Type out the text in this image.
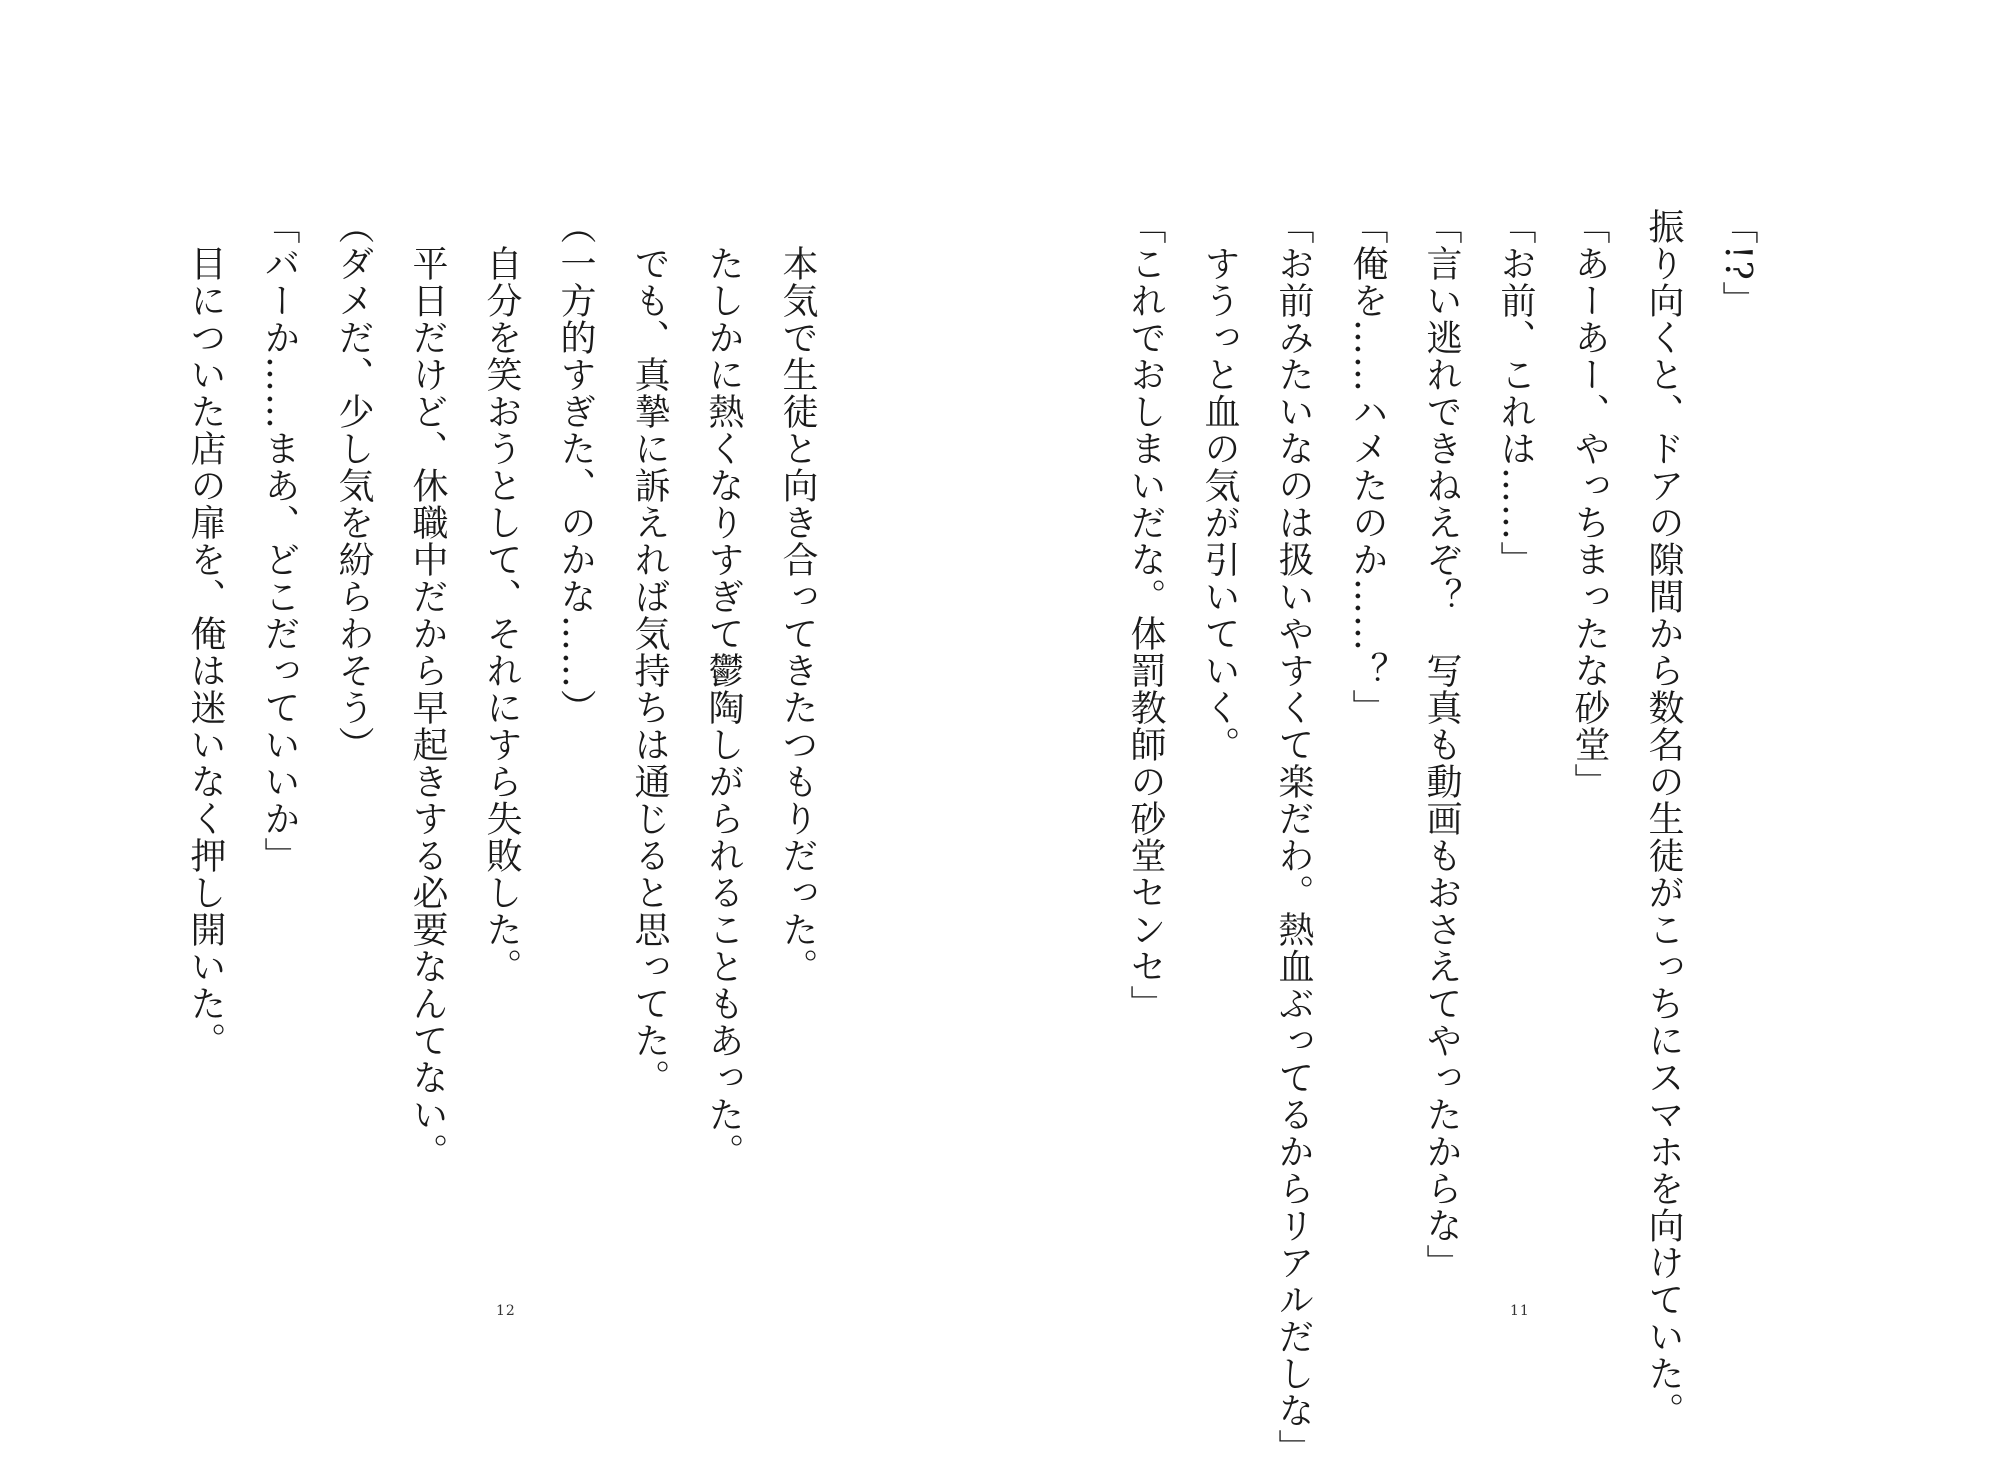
「!?」
振り向くと、ドアの隙間から数名の生徒がこっちにスマホを向けていた。
「あーあー、やっちまったな砂堂」
「お前、これは……」
「言い逃れできねえぞ？　写真も動画もおさえてやったからな」
「俺を……ハメたのか……？」
「お前みたいなのは扱いやすくて楽だわ。熱血ぶってるからリアルだしな」
　すうっと血の気が引いていく。
「これでおしまいだな。体罰教師の砂堂センセ」
11
　本気で生徒と向き合ってきたつもりだった。
　たしかに熱くなりすぎて鬱陶しがられることもあった。
　でも、真摯に訴えれば気持ちは通じると思ってた。
（一方的すぎた、のかな……）
　自分を笑おうとして、それにすら失敗した。
　平日だけど、休職中だから早起きする必要なんてない。
（ダメだ、少し気を紛らわそう）
「バーか……まあ、どこだっていいか」
　目についた店の扉を、俺は迷いなく押し開いた。
12
